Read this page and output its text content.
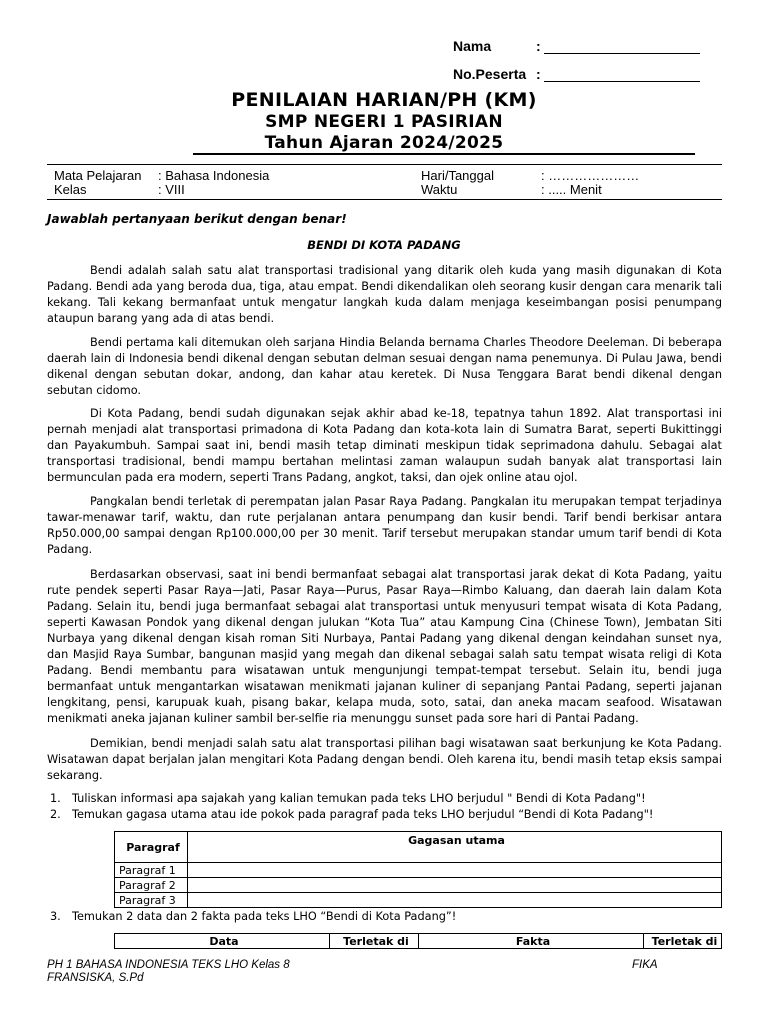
Nama	:
No.Peserta :
PENILAIAN HARIAN/PH (KM)
SMP NEGERI 1 PASIRIAN
Tahun Ajaran 2024/2025
Mata Pelajaran : Bahasa Indonesia	Hari/Tanggal	: …………………
Kelas	: VIII	Waktu	: ..... Menit
Jawablah pertanyaan berikut dengan benar!
BENDI DI KOTA PADANG

Bendi adalah salah satu alat transportasi tradisional yang ditarik oleh kuda yang masih digunakan di Kota Padang. Bendi ada yang beroda dua, tiga, atau empat. Bendi dikendalikan oleh seorang kusir dengan cara menarik tali kekang. Tali kekang bermanfaat untuk mengatur langkah kuda dalam menjaga keseimbangan posisi penumpang ataupun barang yang ada di atas bendi.

Bendi pertama kali ditemukan oleh sarjana Hindia Belanda bernama Charles Theodore Deeleman. Di beberapa daerah lain di Indonesia bendi dikenal dengan sebutan delman sesuai dengan nama penemunya. Di Pulau Jawa, bendi dikenal dengan sebutan dokar, andong, dan kahar atau keretek. Di Nusa Tenggara Barat bendi dikenal dengan sebutan cidomo.

Di Kota Padang, bendi sudah digunakan sejak akhir abad ke-18, tepatnya tahun 1892. Alat transportasi ini pernah menjadi alat transportasi primadona di Kota Padang dan kota-kota lain di Sumatra Barat, seperti Bukittinggi dan Payakumbuh. Sampai saat ini, bendi masih tetap diminati meskipun tidak seprimadona dahulu. Sebagai alat transportasi tradisional, bendi mampu bertahan melintasi zaman walaupun sudah banyak alat transportasi lain bermunculan pada era modern, seperti Trans Padang, angkot, taksi, dan ojek online atau ojol.

Pangkalan bendi terletak di perempatan jalan Pasar Raya Padang. Pangkalan itu merupakan tempat terjadinya tawar-menawar tarif, waktu, dan rute perjalanan antara penumpang dan kusir bendi. Tarif bendi berkisar antara Rp50.000,00 sampai dengan Rp100.000,00 per 30 menit. Tarif tersebut merupakan standar umum tarif bendi di Kota Padang.

Berdasarkan observasi, saat ini bendi bermanfaat sebagai alat transportasi jarak dekat di Kota Padang, yaitu rute pendek seperti Pasar Raya—Jati, Pasar Raya—Purus, Pasar Raya—Rimbo Kaluang, dan daerah lain dalam Kota Padang. Selain itu, bendi juga bermanfaat sebagai alat transportasi untuk menyusuri tempat wisata di Kota Padang, seperti Kawasan Pondok yang dikenal dengan julukan “Kota Tua” atau Kampung Cina (Chinese Town), Jembatan Siti Nurbaya yang dikenal dengan kisah roman Siti Nurbaya, Pantai Padang yang dikenal dengan keindahan sunset nya, dan Masjid Raya Sumbar, bangunan masjid yang megah dan dikenal sebagai salah satu tempat wisata religi di Kota Padang. Bendi membantu para wisatawan untuk mengunjungi tempat-tempat tersebut. Selain itu, bendi juga bermanfaat untuk mengantarkan wisatawan menikmati jajanan kuliner di sepanjang Pantai Padang, seperti jajanan lengkitang, pensi, karupuak kuah, pisang bakar, kelapa muda, soto, satai, dan aneka macam seafood. Wisatawan menikmati aneka jajanan kuliner sambil ber-selfie ria menunggu sunset pada sore hari di Pantai Padang.

Demikian, bendi menjadi salah satu alat transportasi pilihan bagi wisatawan saat berkunjung ke Kota Padang. Wisatawan dapat berjalan jalan mengitari Kota Padang dengan bendi. Oleh karena itu, bendi masih tetap eksis sampai sekarang.

1. Tuliskan informasi apa sajakah yang kalian temukan pada teks LHO berjudul " Bendi di Kota Padang"!
2. Temukan gagasa utama atau ide pokok pada paragraf pada teks LHO berjudul “Bendi di Kota Padang"!
Paragraf	Gagasan utama
Paragraf 1	
Paragraf 2	
Paragraf 3	
3. Temukan 2 data dan 2 fakta pada teks LHO “Bendi di Kota Padang”!
Data	Terletak di	Fakta	Terletak di
PH 1 BAHASA INDONESIA TEKS LHO Kelas 8
FRANSISKA, S.Pd
FIKA
